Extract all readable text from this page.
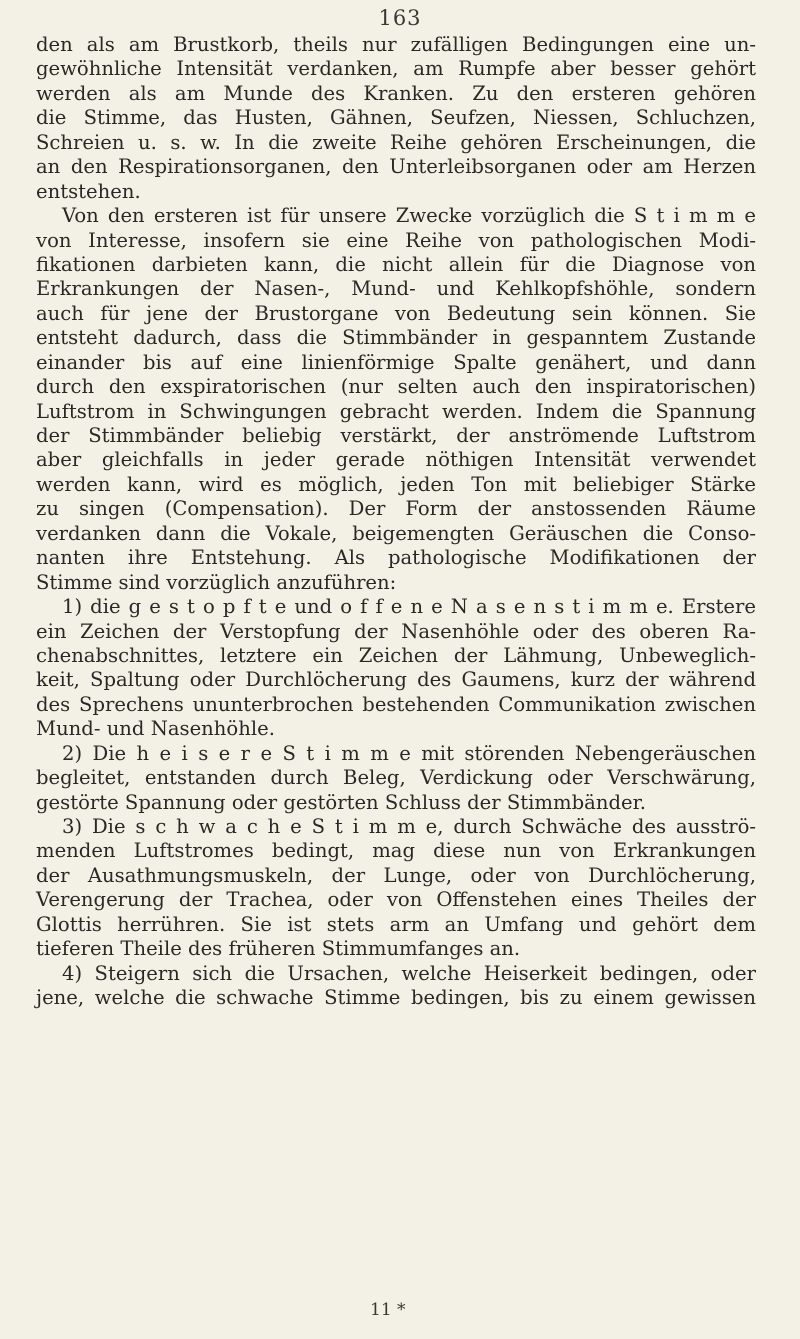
163
den als am Brustkorb, theils nur zufälligen Bedingungen eine un-
gewöhnliche Intensität verdanken, am Rumpfe aber besser gehört
werden als am Munde des Kranken. Zu den ersteren gehören
die Stimme, das Husten, Gähnen, Seufzen, Niessen, Schluchzen,
Schreien u. s. w. In die zweite Reihe gehören Erscheinungen, die
an den Respirationsorganen, den Unterleibsorganen oder am Herzen
entstehen.
Von den ersteren ist für unsere Zwecke vorzüglich die S t i m m e
von Interesse, insofern sie eine Reihe von pathologischen Modi-
fikationen darbieten kann, die nicht allein für die Diagnose von
Erkrankungen der Nasen-, Mund- und Kehlkopfshöhle, sondern
auch für jene der Brustorgane von Bedeutung sein können. Sie
entsteht dadurch, dass die Stimmbänder in gespanntem Zustande
einander bis auf eine linienförmige Spalte genähert, und dann
durch den exspiratorischen (nur selten auch den inspiratorischen)
Luftstrom in Schwingungen gebracht werden. Indem die Spannung
der Stimmbänder beliebig verstärkt, der anströmende Luftstrom
aber gleichfalls in jeder gerade nöthigen Intensität verwendet
werden kann, wird es möglich, jeden Ton mit beliebiger Stärke
zu singen (Compensation). Der Form der anstossenden Räume
verdanken dann die Vokale, beigemengten Geräuschen die Conso-
nanten ihre Entstehung. Als pathologische Modifikationen der
Stimme sind vorzüglich anzuführen:
1) die g e s t o p f t e und o f f e n e N a s e n s t i m m e. Erstere
ein Zeichen der Verstopfung der Nasenhöhle oder des oberen Ra-
chenabschnittes, letztere ein Zeichen der Lähmung, Unbeweglich-
keit, Spaltung oder Durchlöcherung des Gaumens, kurz der während
des Sprechens ununterbrochen bestehenden Communikation zwischen
Mund- und Nasenhöhle.
2) Die h e i s e r e S t i m m e mit störenden Nebengeräuschen
begleitet, entstanden durch Beleg, Verdickung oder Verschwärung,
gestörte Spannung oder gestörten Schluss der Stimmbänder.
3) Die s c h w a c h e S t i m m e, durch Schwäche des ausströ-
menden Luftstromes bedingt, mag diese nun von Erkrankungen
der Ausathmungsmuskeln, der Lunge, oder von Durchlöcherung,
Verengerung der Trachea, oder von Offenstehen eines Theiles der
Glottis herrühren. Sie ist stets arm an Umfang und gehört dem
tieferen Theile des früheren Stimmumfanges an.
4) Steigern sich die Ursachen, welche Heiserkeit bedingen, oder
jene, welche die schwache Stimme bedingen, bis zu einem gewissen
11 *
